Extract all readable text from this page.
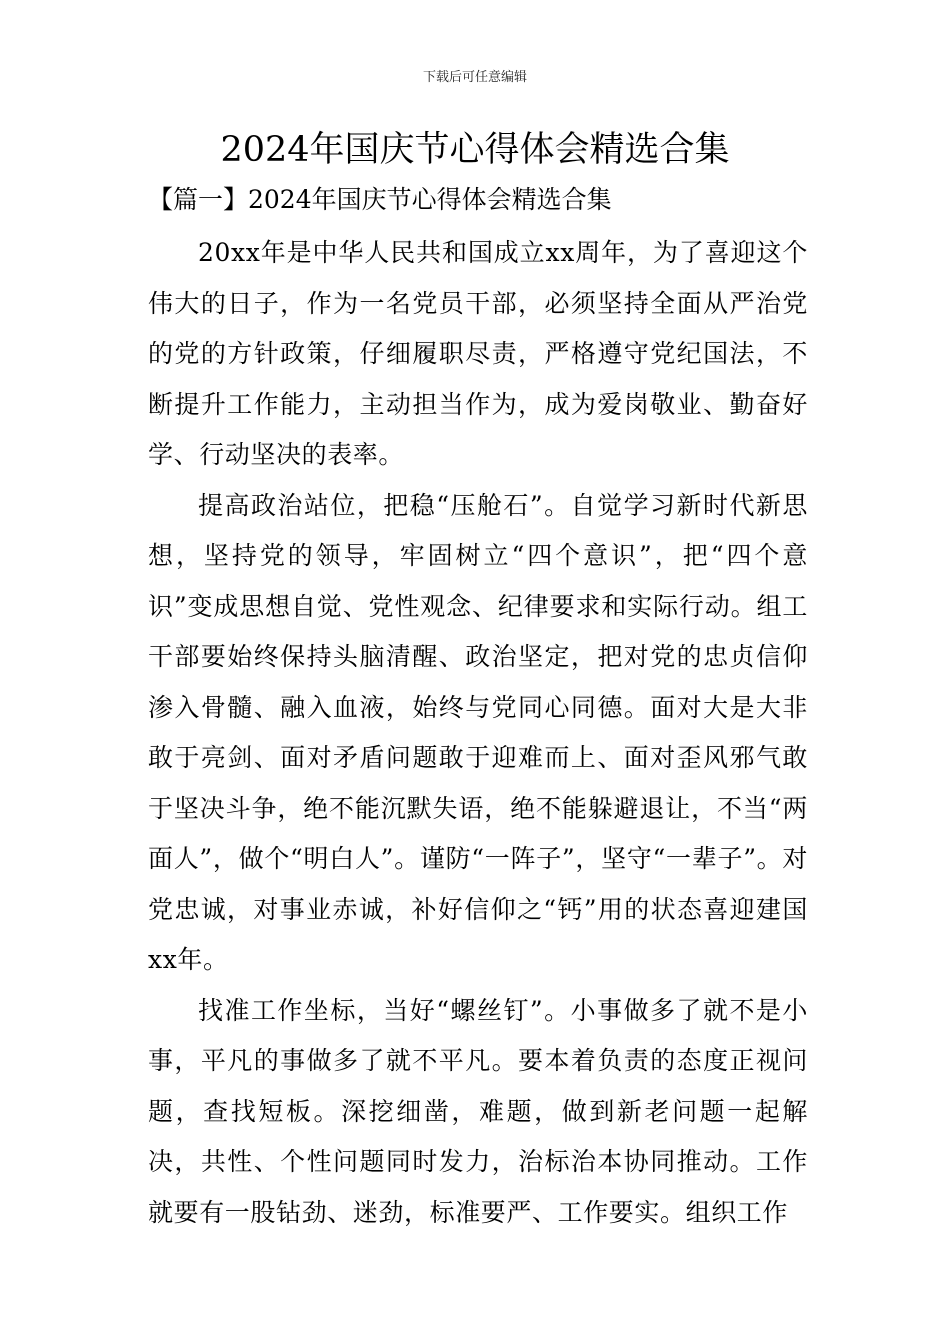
下载后可任意编辑
2024年国庆节心得体会精选合集
【篇一】2024年国庆节心得体会精选合集

20xx年是中华人民共和国成立xx周年，为了喜迎这个伟大的日子，作为一名党员干部，必须坚持全面从严治党的党的方针政策，仔细履职尽责，严格遵守党纪国法，不断提升工作能力，主动担当作为，成为爱岗敬业、勤奋好学、行动坚决的表率。

提高政治站位，把稳“压舱石”。自觉学习新时代新思想，坚持党的领导，牢固树立“四个意识”，把“四个意识”变成思想自觉、党性观念、纪律要求和实际行动。组工干部要始终保持头脑清醒、政治坚定，把对党的忠贞信仰渗入骨髓、融入血液，始终与党同心同德。面对大是大非敢于亮剑、面对矛盾问题敢于迎难而上、面对歪风邪气敢于坚决斗争，绝不能沉默失语，绝不能躲避退让，不当“两面人”，做个“明白人”。谨防“一阵子”，坚守“一辈子”。对党忠诚，对事业赤诚，补好信仰之“钙”用的状态喜迎建国xx年。

找准工作坐标，当好“螺丝钉”。小事做多了就不是小事，平凡的事做多了就不平凡。要本着负责的态度正视问题，查找短板。深挖细凿，难题，做到新老问题一起解决，共性、个性问题同时发力，治标治本协同推动。工作就要有一股钻劲、迷劲，标准要严、工作要实。组织工作
